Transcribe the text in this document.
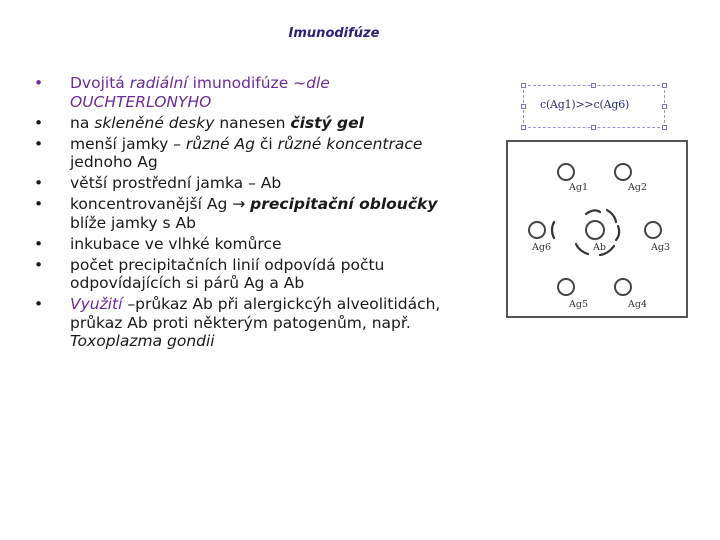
Imunodifúze
•	Dvojitá radiální imunodifúze ~dle OUCHTERLONYHO
•	na skleněné desky nanesen čistý gel
•	menší jamky – různé Ag či různé koncentrace jednoho Ag
•	větší prostřední jamka – Ab
•	koncentrovanější Ag → precipitační obloučky blíže jamky s Ab
•	inkubace ve vlhké komůrce
•	počet precipitačních linií odpovídá počtu odpovídajících si párů Ag a Ab
•	Využití –průkaz Ab při alergickcýh alveolitidách, průkaz Ab proti některým patogenům, např. Toxoplazma gondii
c(Ag1)>>c(Ag6)
Ag1	Ag2
Ag6	Ab	Ag3
Ag5	Ag4
